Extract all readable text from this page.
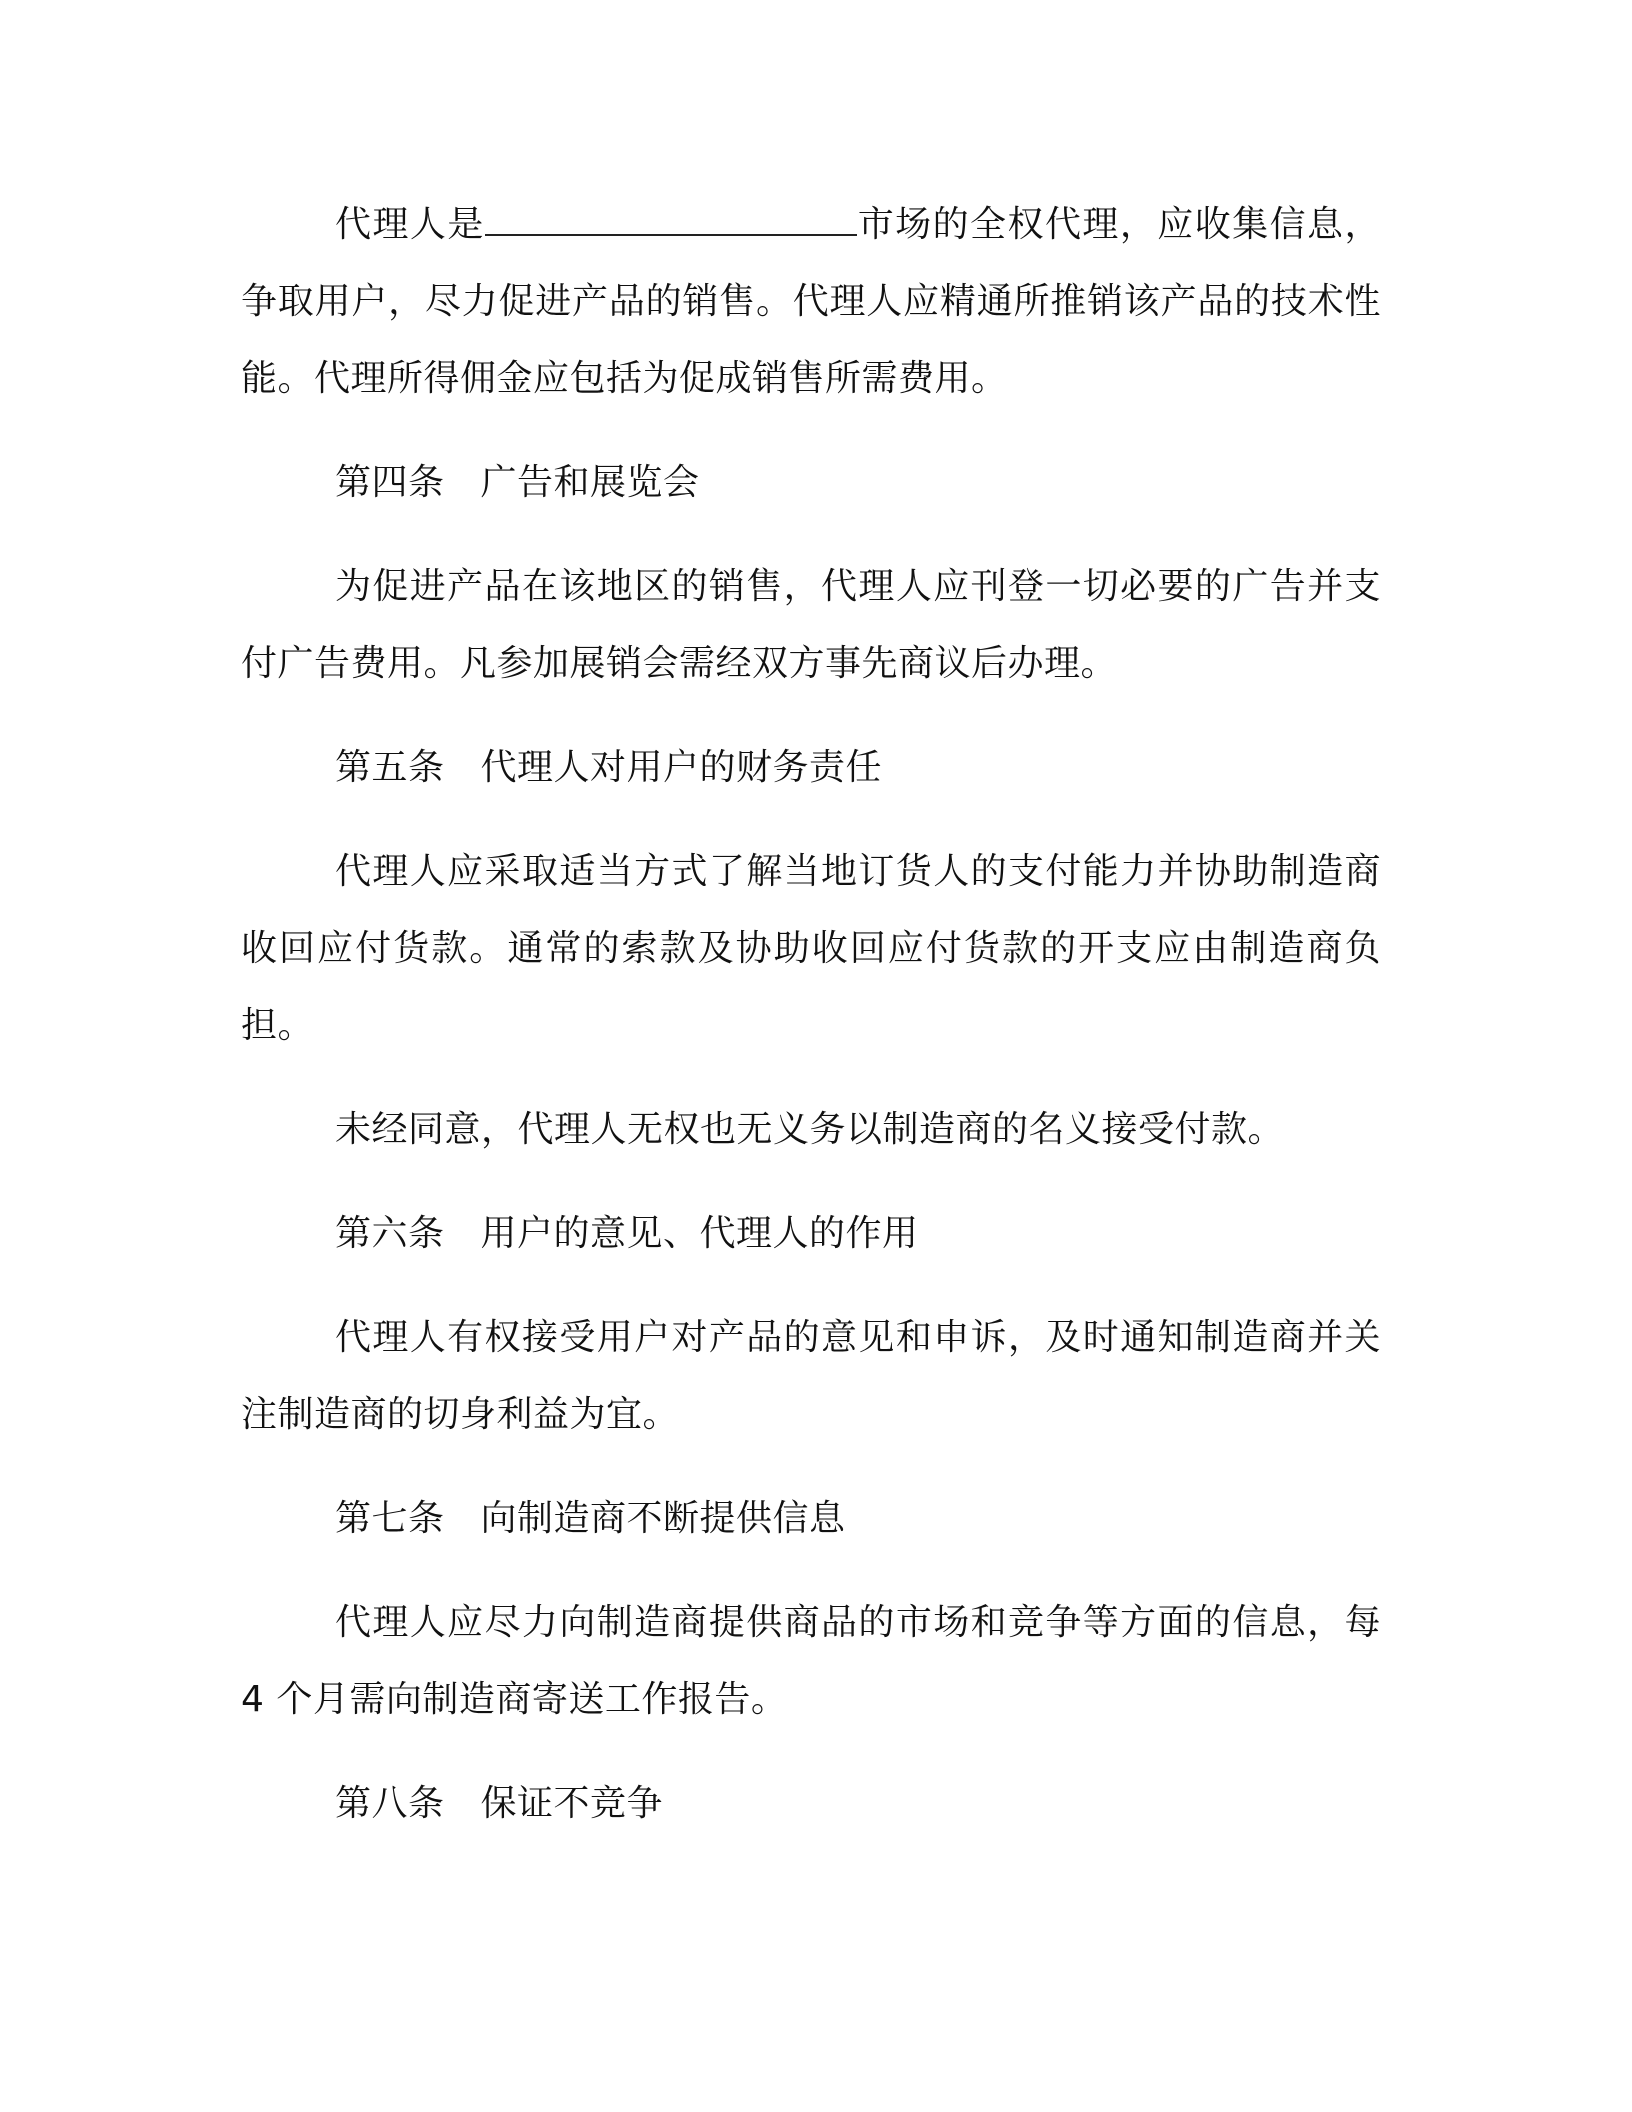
代理人是	市场的全权代理，应收集信息，争取用户，尽力促进产品的销售。代理人应精通所推销该产品的技术性能。代理所得佣金应包括为促成销售所需费用。

第四条 广告和展览会

为促进产品在该地区的销售，代理人应刊登一切必要的广告并支付广告费用。凡参加展销会需经双方事先商议后办理。

第五条 代理人对用户的财务责任

代理人应采取适当方式了解当地订货人的支付能力并协助制造商收回应付货款。通常的索款及协助收回应付货款的开支应由制造商负担。

未经同意，代理人无权也无义务以制造商的名义接受付款。

第六条 用户的意见、代理人的作用

代理人有权接受用户对产品的意见和申诉，及时通知制造商并关注制造商的切身利益为宜。

第七条 向制造商不断提供信息

代理人应尽力向制造商提供商品的市场和竞争等方面的信息，每 4 个月需向制造商寄送工作报告。

第八条 保证不竞争
